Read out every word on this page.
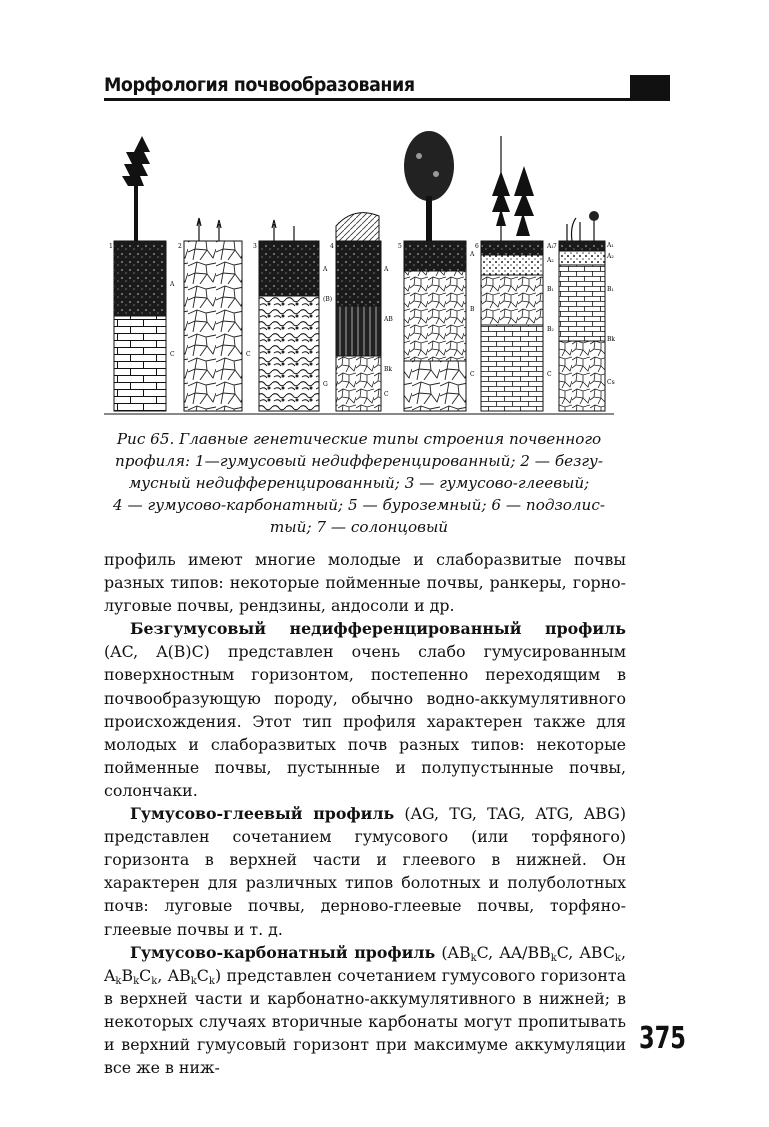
Морфология почвообразования
1
A
C
2
C
3
A
(B)
G
4
A
AB
Bk
C
5
A
B
C
6	A₁
A₂
B₁
B₂
C
A₁
A₂
B₁
Bk
Cs
7
Рис 65. Главные генетические типы строения почвенного
профиля: 1—гумусовый недифференцированный; 2 — безгу-
мусный недифференцированный; 3 — гумусово-глеевый;
4 — гумусово-карбонатный; 5 — буроземный; 6 — подзолис-
тый; 7 — солонцовый

профиль имеют многие молодые и слаборазвитые почвы разных типов: некоторые пойменные почвы, ранкеры, горно-луговые почвы, рендзины, андосоли и др.

Безгумусовый недифференцированный профиль (AC, A(B)C) представлен очень слабо гумусированным поверхностным горизонтом, постепенно переходящим в почвообразующую породу, обычно водно-аккумулятивного происхождения. Этот тип профиля характерен также для молодых и слаборазвитых почв разных типов: некоторые пойменные почвы, пустынные и полупустынные почвы, солончаки.

Гумусово-глеевый профиль (AG, TG, TAG, ATG, ABG) представлен сочетанием гумусового (или торфяного) горизонта в верхней части и глеевого в нижней. Он характерен для различных типов болотных и полуболотных почв: луговые почвы, дерново-глеевые почвы, торфяно-глеевые почвы и т. д.

Гумусово-карбонатный профиль ($AB_kC$, $AA/BB_kC$, $ABC_k$, $A_kB_kC_k$, $AB_kC_k$) представлен сочетанием гумусового горизонта в верхней части и карбонатно-аккумулятивного в нижней; в некоторых случаях вторичные карбонаты могут пропитывать и верхний гумусовый горизонт при максимуме аккумуляции все же в ниж-

375
